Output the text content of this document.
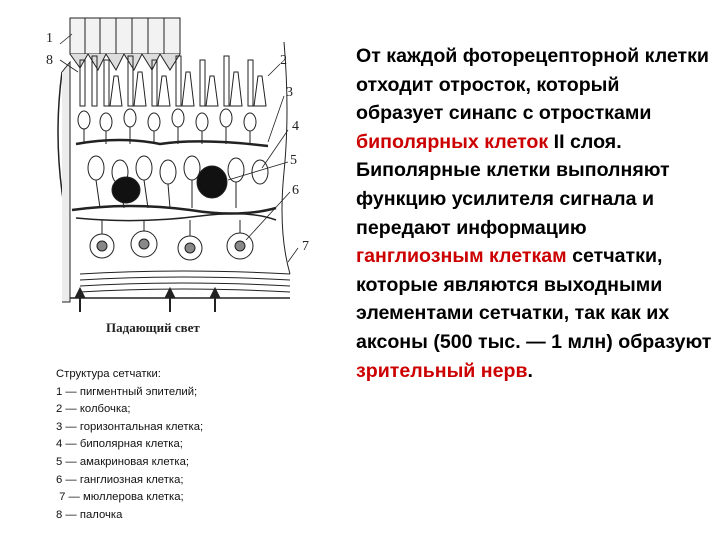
8
1
2
3
4
5
6
7
Падающий свет
Структура сетчатки:
1 — пигментный эпителий;
2 — колбочка;
3 — горизонтальная клетка;
4 — биполярная клетка;
5 — амакриновая клетка;
6 — ганглиозная клетка;
7 — мюллерова клетка;
8 — палочка
От каждой фоторецепторной клетки отходит отросток, который образует синапс с отростками биполярных клеток II слоя. Биполярные клетки выполняют функцию усилителя сигнала и передают информацию ганглиозным клеткам сетчатки, которые являются выходными элементами сетчатки, так как их аксоны (500 тыс. — 1 млн) образуют зрительный нерв.
